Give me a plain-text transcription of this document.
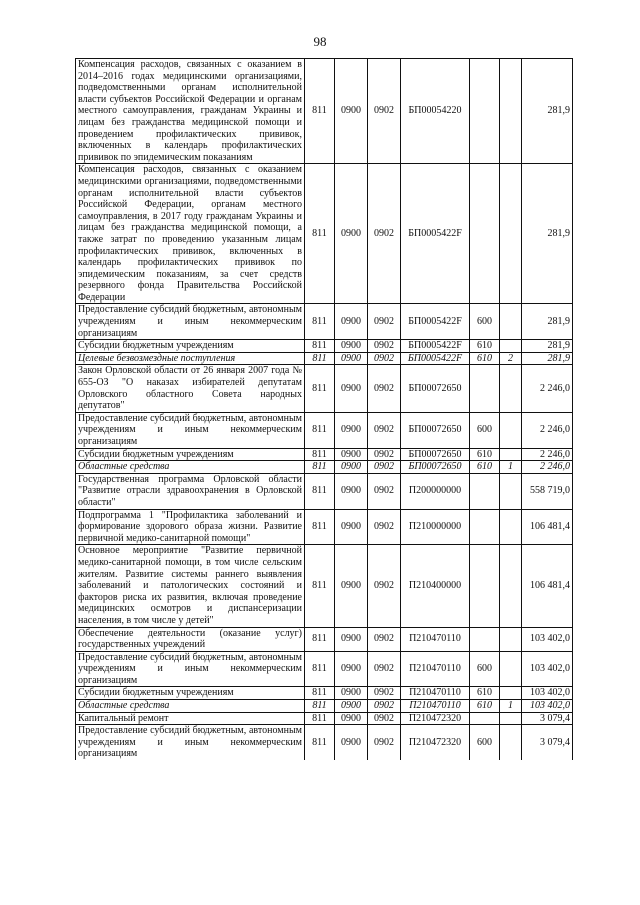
98
Компенсация расходов, связанных с оказанием в 2014–2016 годах медицинскими организациями, подведомственными органам исполнительной власти субъектов Российской Федерации и органам местного самоуправления, гражданам Украины и лицам без гражданства медицинской помощи и проведением профилактических прививок, включенных в календарь профилактических прививок по эпидемическим показаниям	811	0900	0902	БП00054220			281,9
Компенсация расходов, связанных с оказанием медицинскими организациями, подведомственными органам исполнительной власти субъектов Российской Федерации, органам местного самоуправления, в 2017 году гражданам Украины и лицам без гражданства медицинской помощи, а также затрат по проведению указанным лицам профилактических прививок, включенных в календарь профилактических прививок по эпидемическим показаниям, за счет средств резервного фонда Правительства Российской Федерации	811	0900	0902	БП0005422F			281,9
Предоставление субсидий бюджетным, автономным учреждениям и иным некоммерческим организациям	811	0900	0902	БП0005422F	600		281,9
Субсидии бюджетным учреждениям	811	0900	0902	БП0005422F	610		281,9
Целевые безвозмездные поступления	811	0900	0902	БП0005422F	610	2	281,9
Закон Орловской области от 26 января 2007 года № 655-ОЗ "О наказах избирателей депутатам Орловского областного Совета народных депутатов"	811	0900	0902	БП00072650			2 246,0
Предоставление субсидий бюджетным, автономным учреждениям и иным некоммерческим организациям	811	0900	0902	БП00072650	600		2 246,0
Субсидии бюджетным учреждениям	811	0900	0902	БП00072650	610		2 246,0
Областные средства	811	0900	0902	БП00072650	610	1	2 246,0
Государственная программа Орловской области "Развитие отрасли здравоохранения в Орловской области"	811	0900	0902	П200000000			558 719,0
Подпрограмма 1 "Профилактика заболеваний и формирование здорового образа жизни. Развитие первичной медико-санитарной помощи"	811	0900	0902	П210000000			106 481,4
Основное мероприятие "Развитие первичной медико-санитарной помощи, в том числе сельским жителям. Развитие системы раннего выявления заболеваний и патологических состояний и факторов риска их развития, включая проведение медицинских осмотров и диспансеризации населения, в том числе у детей"	811	0900	0902	П210400000			106 481,4
Обеспечение деятельности (оказание услуг) государственных учреждений	811	0900	0902	П210470110			103 402,0
Предоставление субсидий бюджетным, автономным учреждениям и иным некоммерческим организациям	811	0900	0902	П210470110	600		103 402,0
Субсидии бюджетным учреждениям	811	0900	0902	П210470110	610		103 402,0
Областные средства	811	0900	0902	П210470110	610	1	103 402,0
Капитальный ремонт	811	0900	0902	П210472320			3 079,4
Предоставление субсидий бюджетным, автономным учреждениям и иным некоммерческим организациям	811	0900	0902	П210472320	600		3 079,4
